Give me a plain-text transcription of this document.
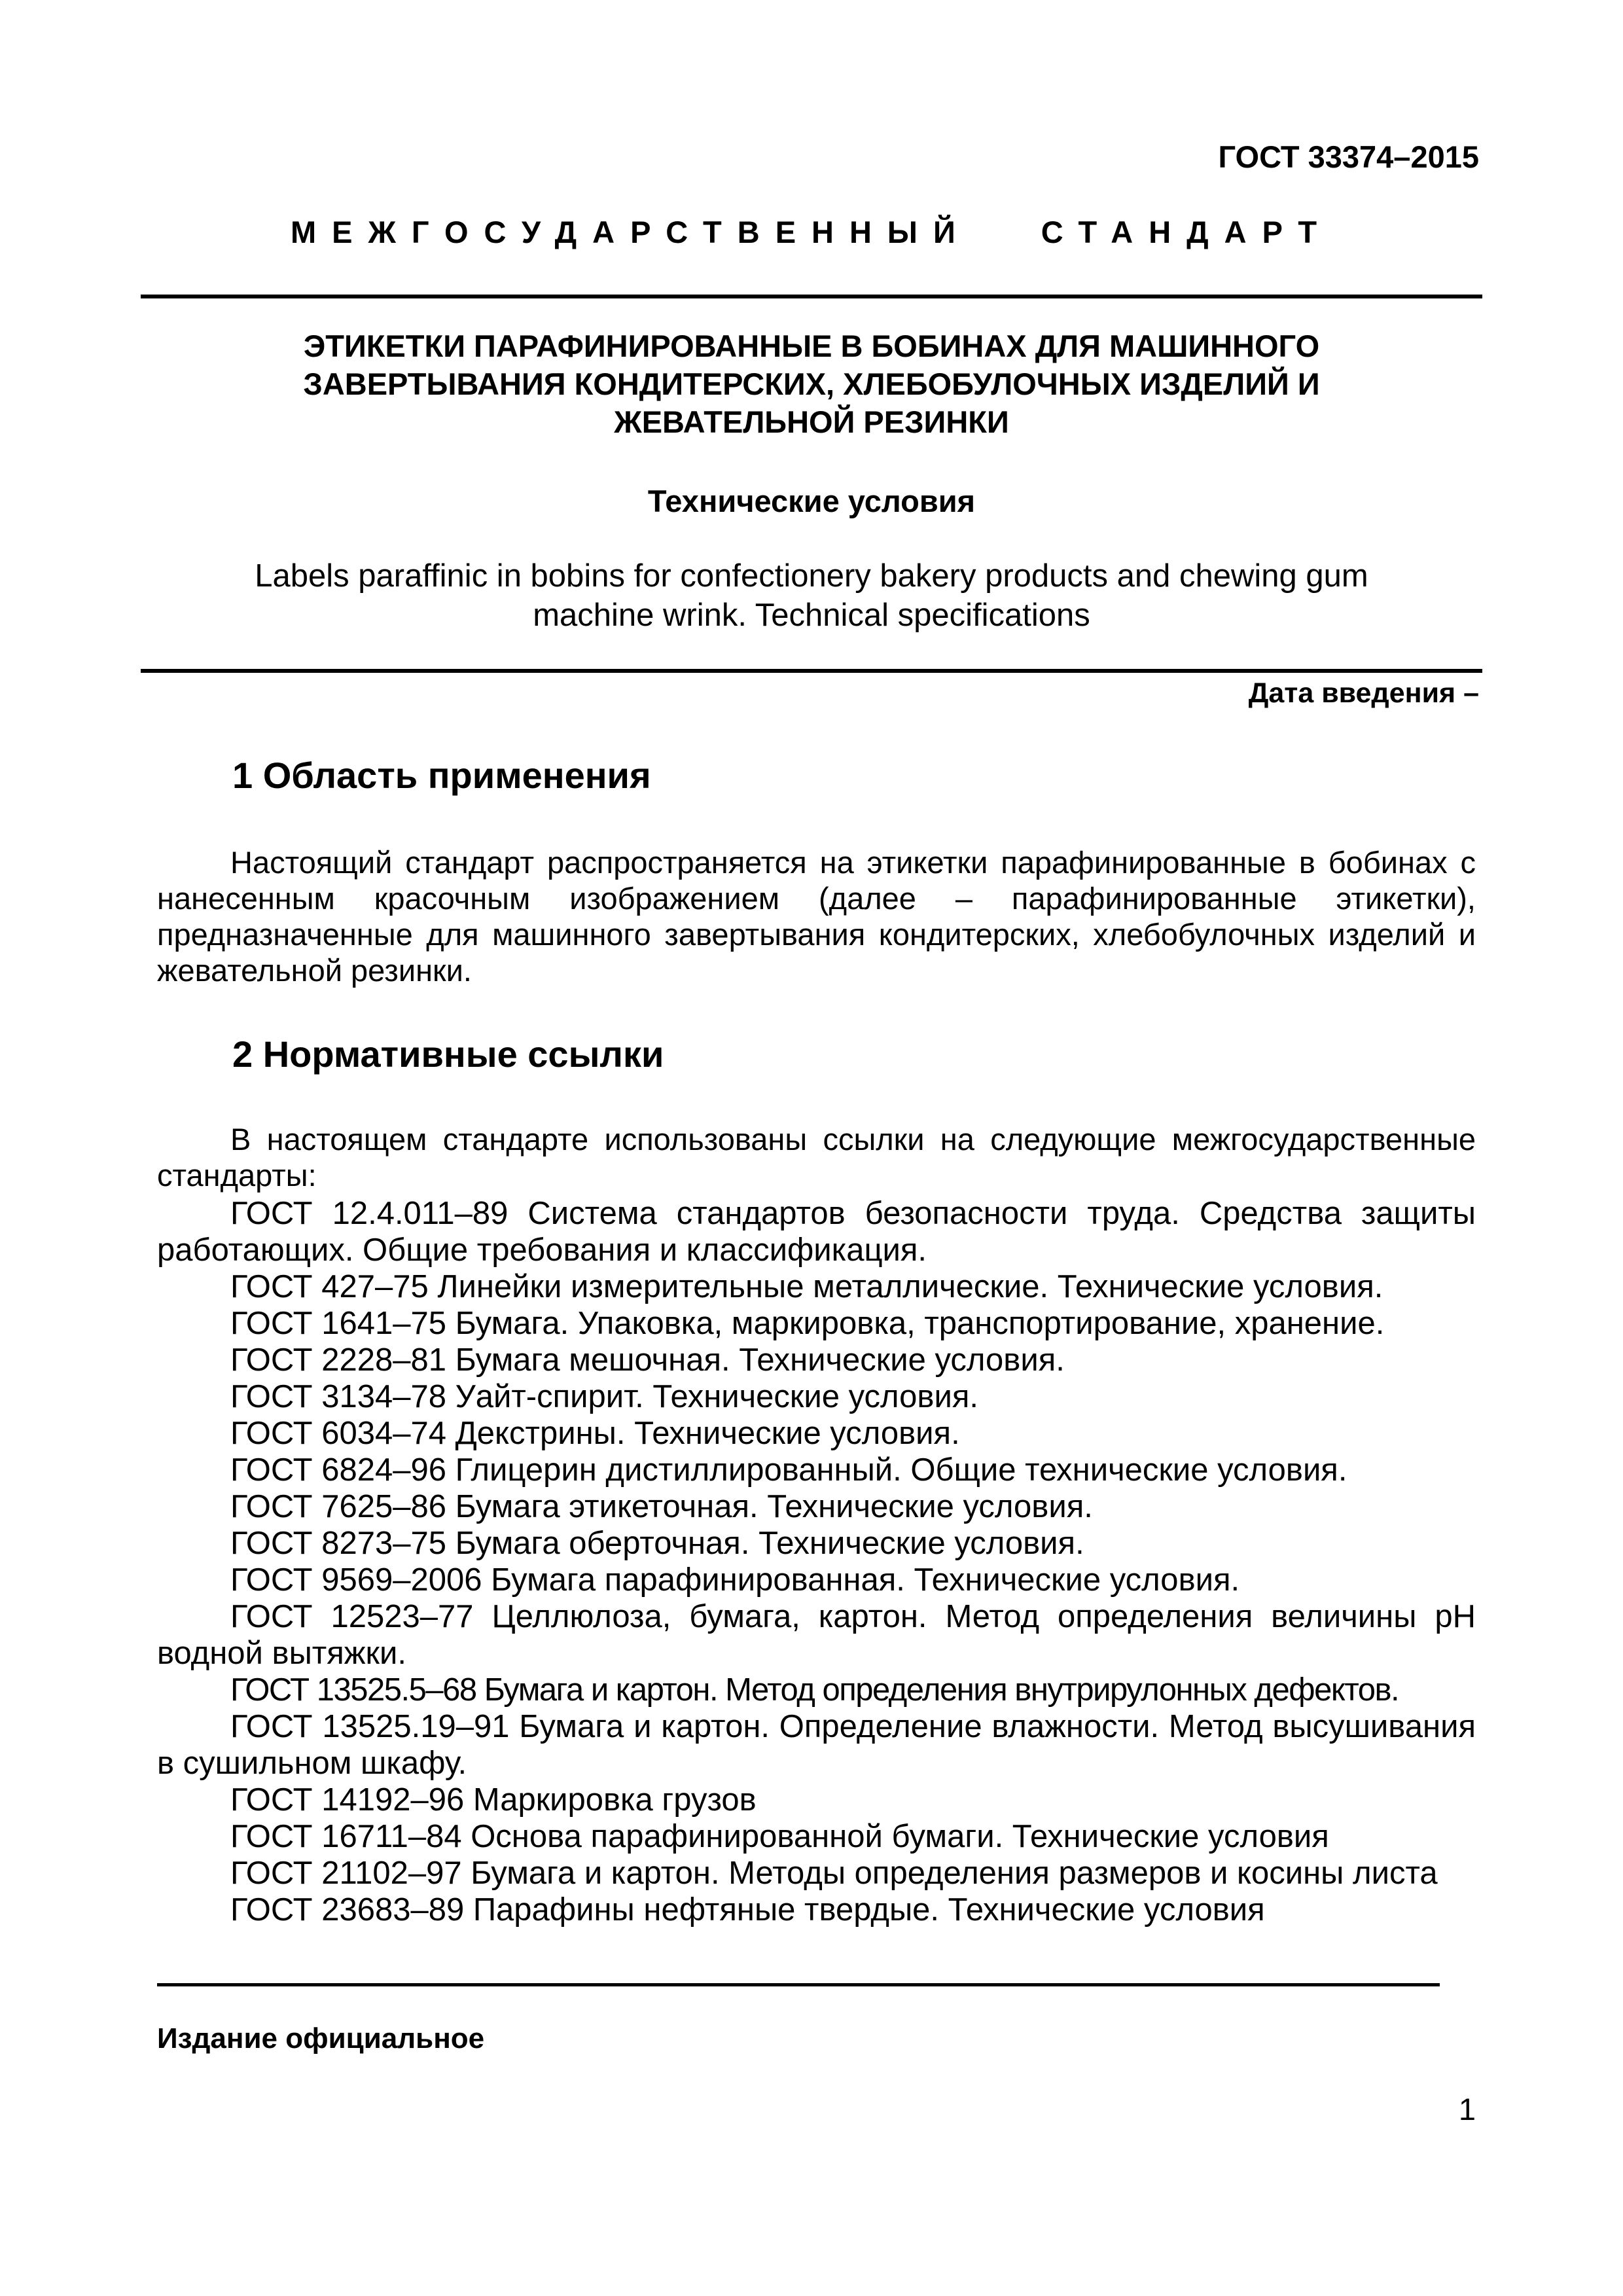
ГОСТ 33374–2015
МЕЖГОСУДАРСТВЕННЫЙ СТАНДАРТ
ЭТИКЕТКИ ПАРАФИНИРОВАННЫЕ В БОБИНАХ ДЛЯ МАШИННОГО
ЗАВЕРТЫВАНИЯ КОНДИТЕРСКИХ, ХЛЕБОБУЛОЧНЫХ ИЗДЕЛИЙ И
ЖЕВАТЕЛЬНОЙ РЕЗИНКИ
Технические условия
Labels paraffinic in bobins for confectionery bakery products and chewing gum
machine wrink. Technical specifications
Дата введения –
1 Область применения

Настоящий стандарт распространяется на этикетки парафинированные в бобинах с нанесенным красочным изображением (далее – парафинированные этикетки), предназначенные для машинного завертывания кондитерских, хлебобулочных изделий и жевательной резинки.

2 Нормативные ссылки

В настоящем стандарте использованы ссылки на следующие межгосударственные стандарты:

ГОСТ 12.4.011–89 Система стандартов безопасности труда. Средства защиты работающих. Общие требования и классификация.

ГОСТ 427–75 Линейки измерительные металлические. Технические условия.

ГОСТ 1641–75 Бумага. Упаковка, маркировка, транспортирование, хранение.

ГОСТ 2228–81 Бумага мешочная. Технические условия.

ГОСТ 3134–78 Уайт-спирит. Технические условия.

ГОСТ 6034–74 Декстрины. Технические условия.

ГОСТ 6824–96 Глицерин дистиллированный. Общие технические условия.

ГОСТ 7625–86 Бумага этикеточная. Технические условия.

ГОСТ 8273–75 Бумага оберточная. Технические условия.

ГОСТ 9569–2006 Бумага парафинированная. Технические условия.

ГОСТ 12523–77 Целлюлоза, бумага, картон. Метод определения величины рН водной вытяжки.

ГОСТ 13525.5–68 Бумага и картон. Метод определения внутрирулонных дефектов.

ГОСТ 13525.19–91 Бумага и картон. Определение влажности. Метод высушивания в сушильном шкафу.

ГОСТ 14192–96 Маркировка грузов

ГОСТ 16711–84 Основа парафинированной бумаги. Технические условия

ГОСТ 21102–97 Бумага и картон. Методы определения размеров и косины листа

ГОСТ 23683–89 Парафины нефтяные твердые. Технические условия

Издание официальное
1
